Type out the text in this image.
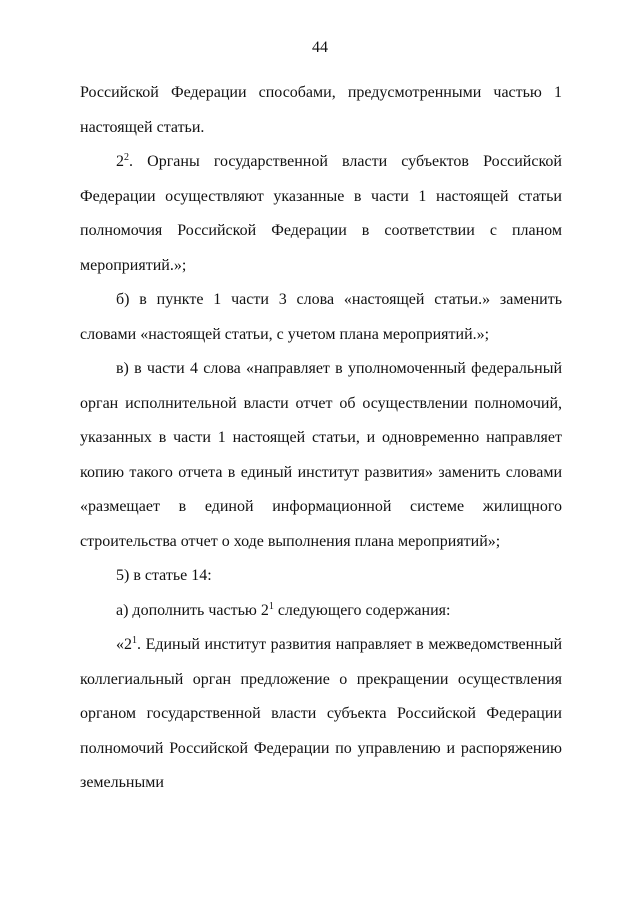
44

Российской Федерации способами, предусмотренными частью 1 настоящей статьи.

$2^2$. Органы государственной власти субъектов Российской Федерации осуществляют указанные в части 1 настоящей статьи полномочия Российской Федерации в соответствии с планом мероприятий.»;

б) в пункте 1 части 3 слова «настоящей статьи.» заменить словами «настоящей статьи, с учетом плана мероприятий.»;

в) в части 4 слова «направляет в уполномоченный федеральный орган исполнительной власти отчет об осуществлении полномочий, указанных в части 1 настоящей статьи, и одновременно направляет копию такого отчета в единый институт развития» заменить словами «размещает в единой информационной системе жилищного строительства отчет о ходе выполнения плана мероприятий»;

5) в статье 14:

а) дополнить частью $2^1$ следующего содержания:

«$2^1$. Единый институт развития направляет в межведомственный коллегиальный орган предложение о прекращении осуществления органом государственной власти субъекта Российской Федерации полномочий Российской Федерации по управлению и распоряжению земельными
